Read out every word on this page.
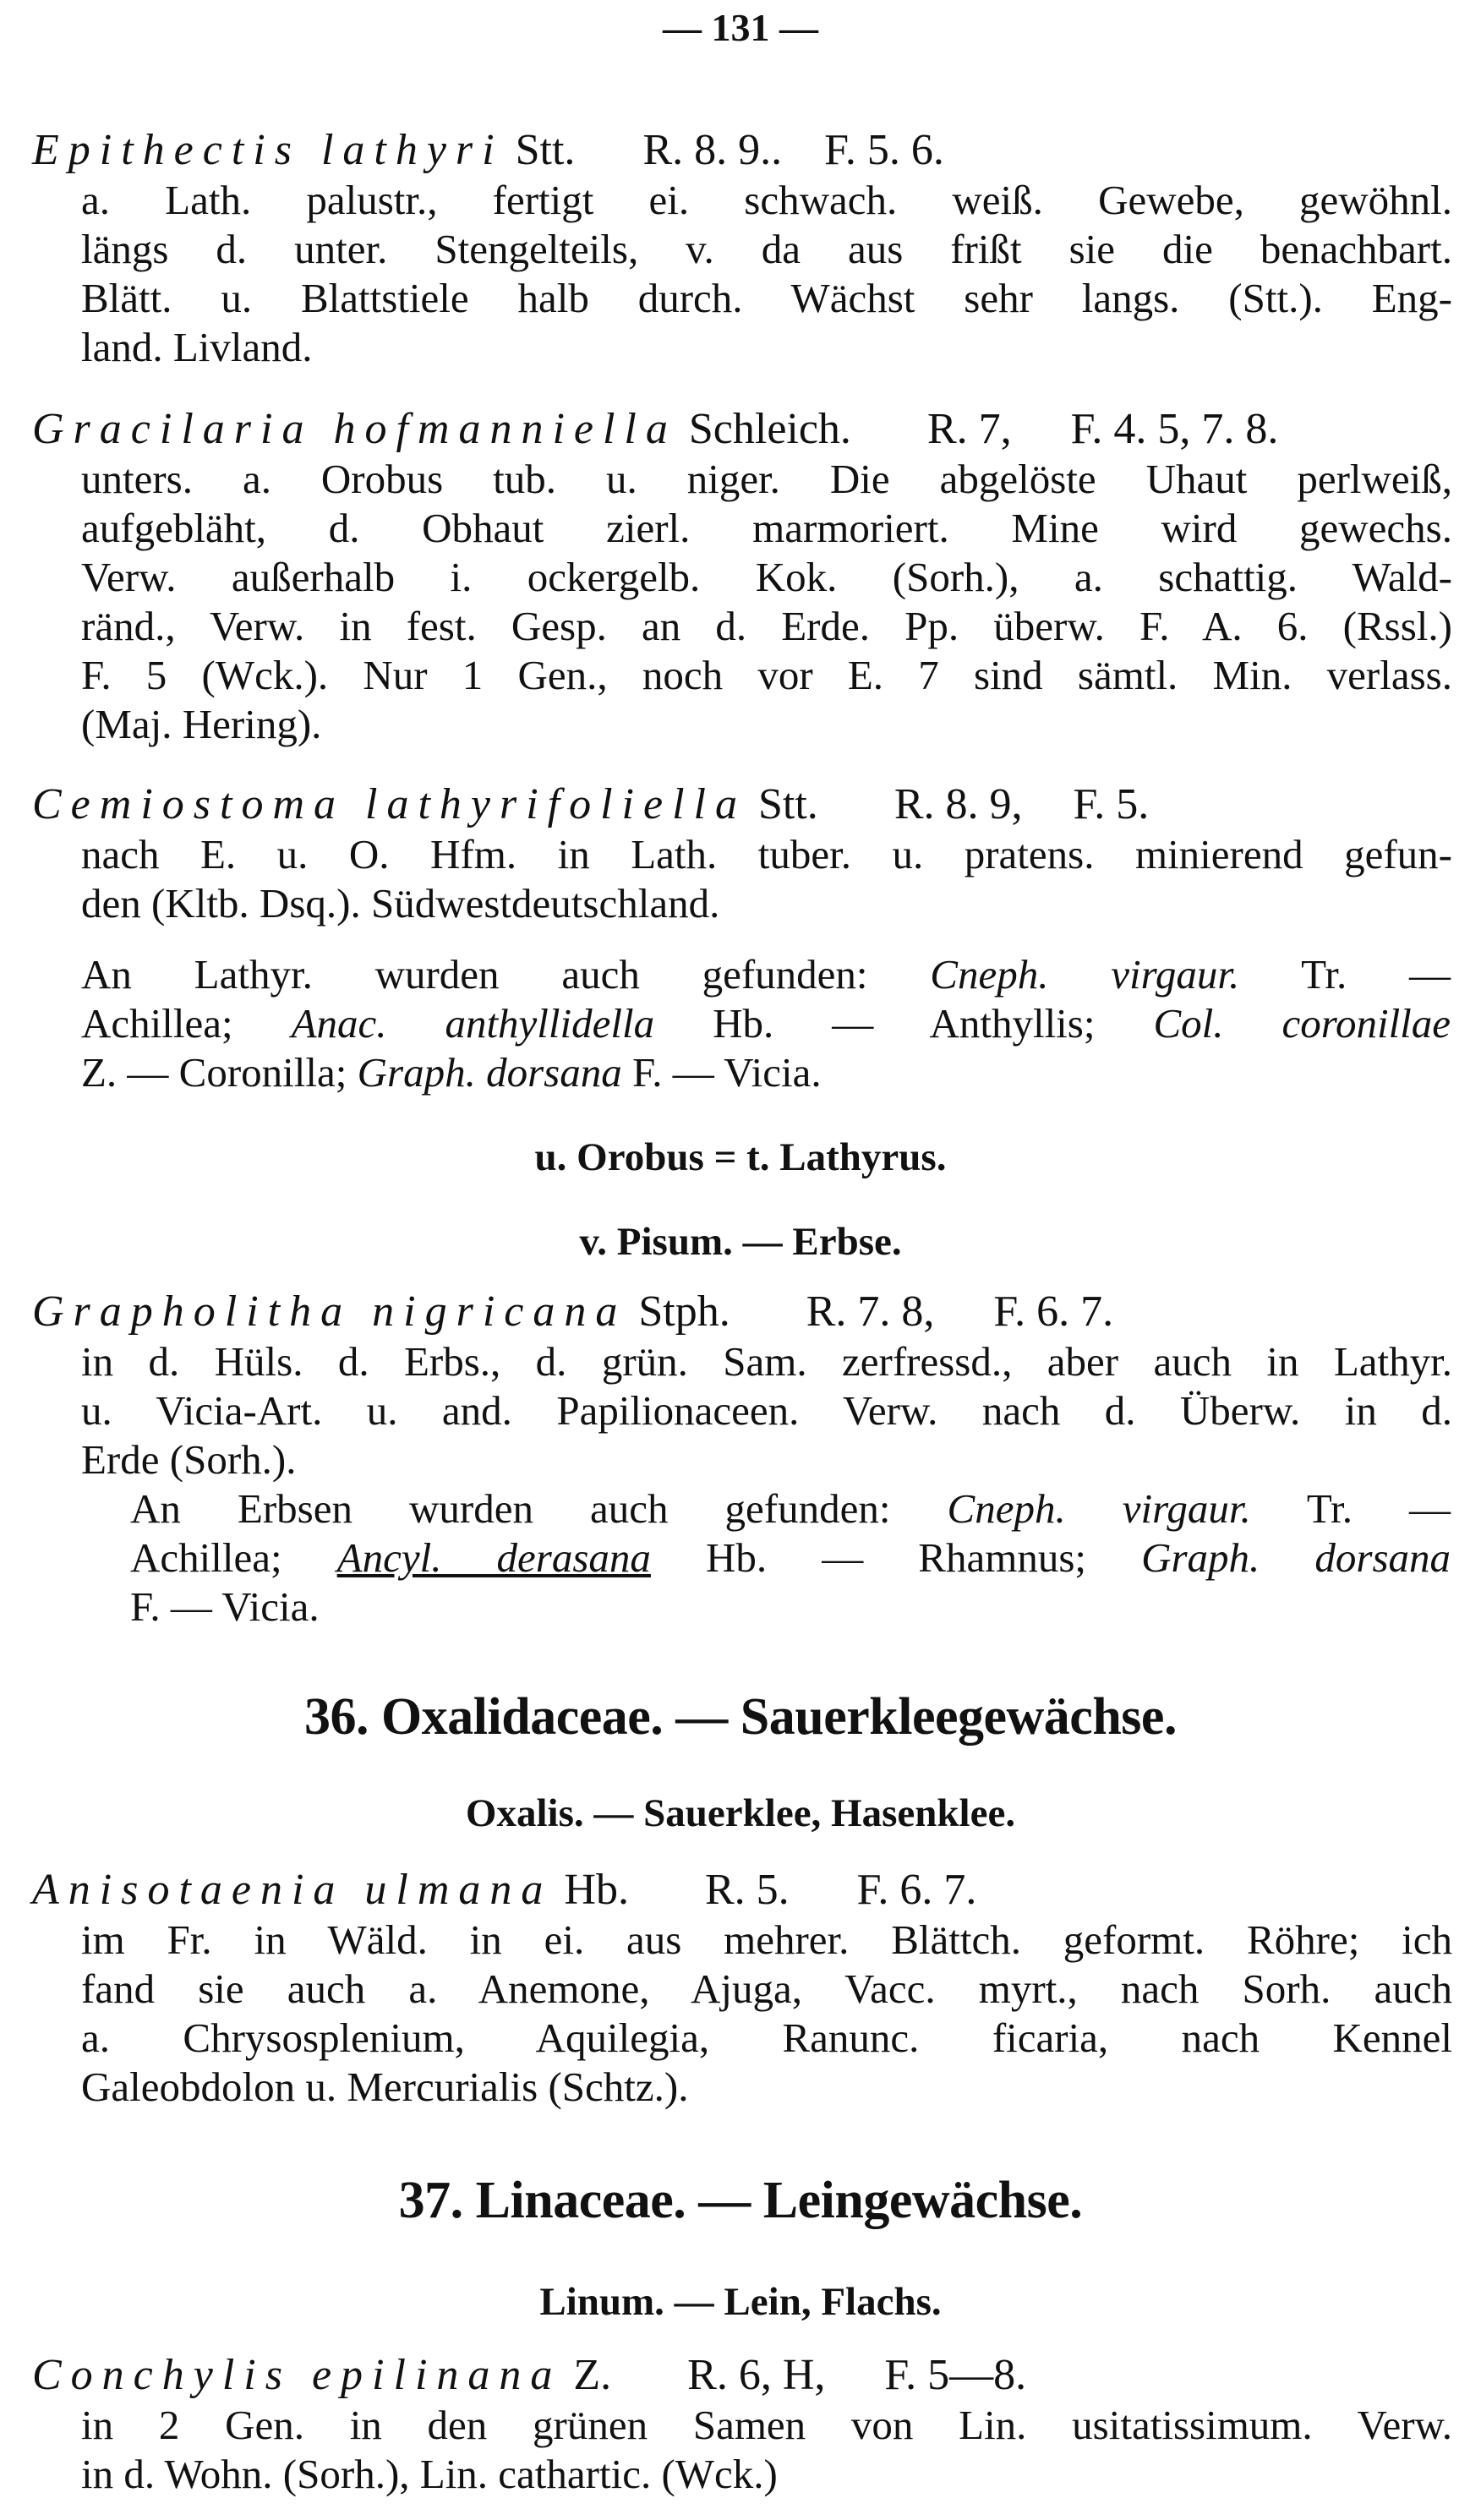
— 131 —
Epithectis lathyri Stt. R. 8. 9.. F. 5. 6.
a. Lath. palustr., fertigt ei. schwach. weiß. Gewebe, gewöhnl.
längs d. unter. Stengelteils, v. da aus frißt sie die benachbart.
Blätt. u. Blattstiele halb durch. Wächst sehr langs. (Stt.). Eng-
land. Livland.
Gracilaria hofmanniella Schleich. R. 7, F. 4. 5, 7. 8.
unters. a. Orobus tub. u. niger. Die abgelöste Uhaut perlweiß,
aufgebläht, d. Obhaut zierl. marmoriert. Mine wird gewechs.
Verw. außerhalb i. ockergelb. Kok. (Sorh.), a. schattig. Wald-
ränd., Verw. in fest. Gesp. an d. Erde. Pp. überw. F. A. 6. (Rssl.)
F. 5 (Wck.). Nur 1 Gen., noch vor E. 7 sind sämtl. Min. verlass.
(Maj. Hering).
Cemiostoma lathyrifoliella Stt. R. 8. 9, F. 5.
nach E. u. O. Hfm. in Lath. tuber. u. pratens. minierend gefun-
den (Kltb. Dsq.). Südwestdeutschland.
An Lathyr. wurden auch gefunden: Cneph. virgaur. Tr. —
Achillea; Anac. anthyllidella Hb. — Anthyllis; Col. coronillae
Z. — Coronilla; Graph. dorsana F. — Vicia.
u. Orobus = t. Lathyrus.
v. Pisum. — Erbse.
Grapholitha nigricana Stph. R. 7. 8, F. 6. 7.
in d. Hüls. d. Erbs., d. grün. Sam. zerfressd., aber auch in Lathyr.
u. Vicia-Art. u. and. Papilionaceen. Verw. nach d. Überw. in d.
Erde (Sorh.).
An Erbsen wurden auch gefunden: Cneph. virgaur. Tr. —
Achillea; Ancyl. derasana Hb. — Rhamnus; Graph. dorsana
F. — Vicia.
36. Oxalidaceae. — Sauerkleegewächse.
Oxalis. — Sauerklee, Hasenklee.
Anisotaenia ulmana Hb. R. 5. F. 6. 7.
im Fr. in Wäld. in ei. aus mehrer. Blättch. geformt. Röhre; ich
fand sie auch a. Anemone, Ajuga, Vacc. myrt., nach Sorh. auch
a. Chrysosplenium, Aquilegia, Ranunc. ficaria, nach Kennel
Galeobdolon u. Mercurialis (Schtz.).
37. Linaceae. — Leingewächse.
Linum. — Lein, Flachs.
Conchylis epilinana Z. R. 6, H, F. 5—8.
in 2 Gen. in den grünen Samen von Lin. usitatissimum. Verw.
in d. Wohn. (Sorh.), Lin. cathartic. (Wck.)
